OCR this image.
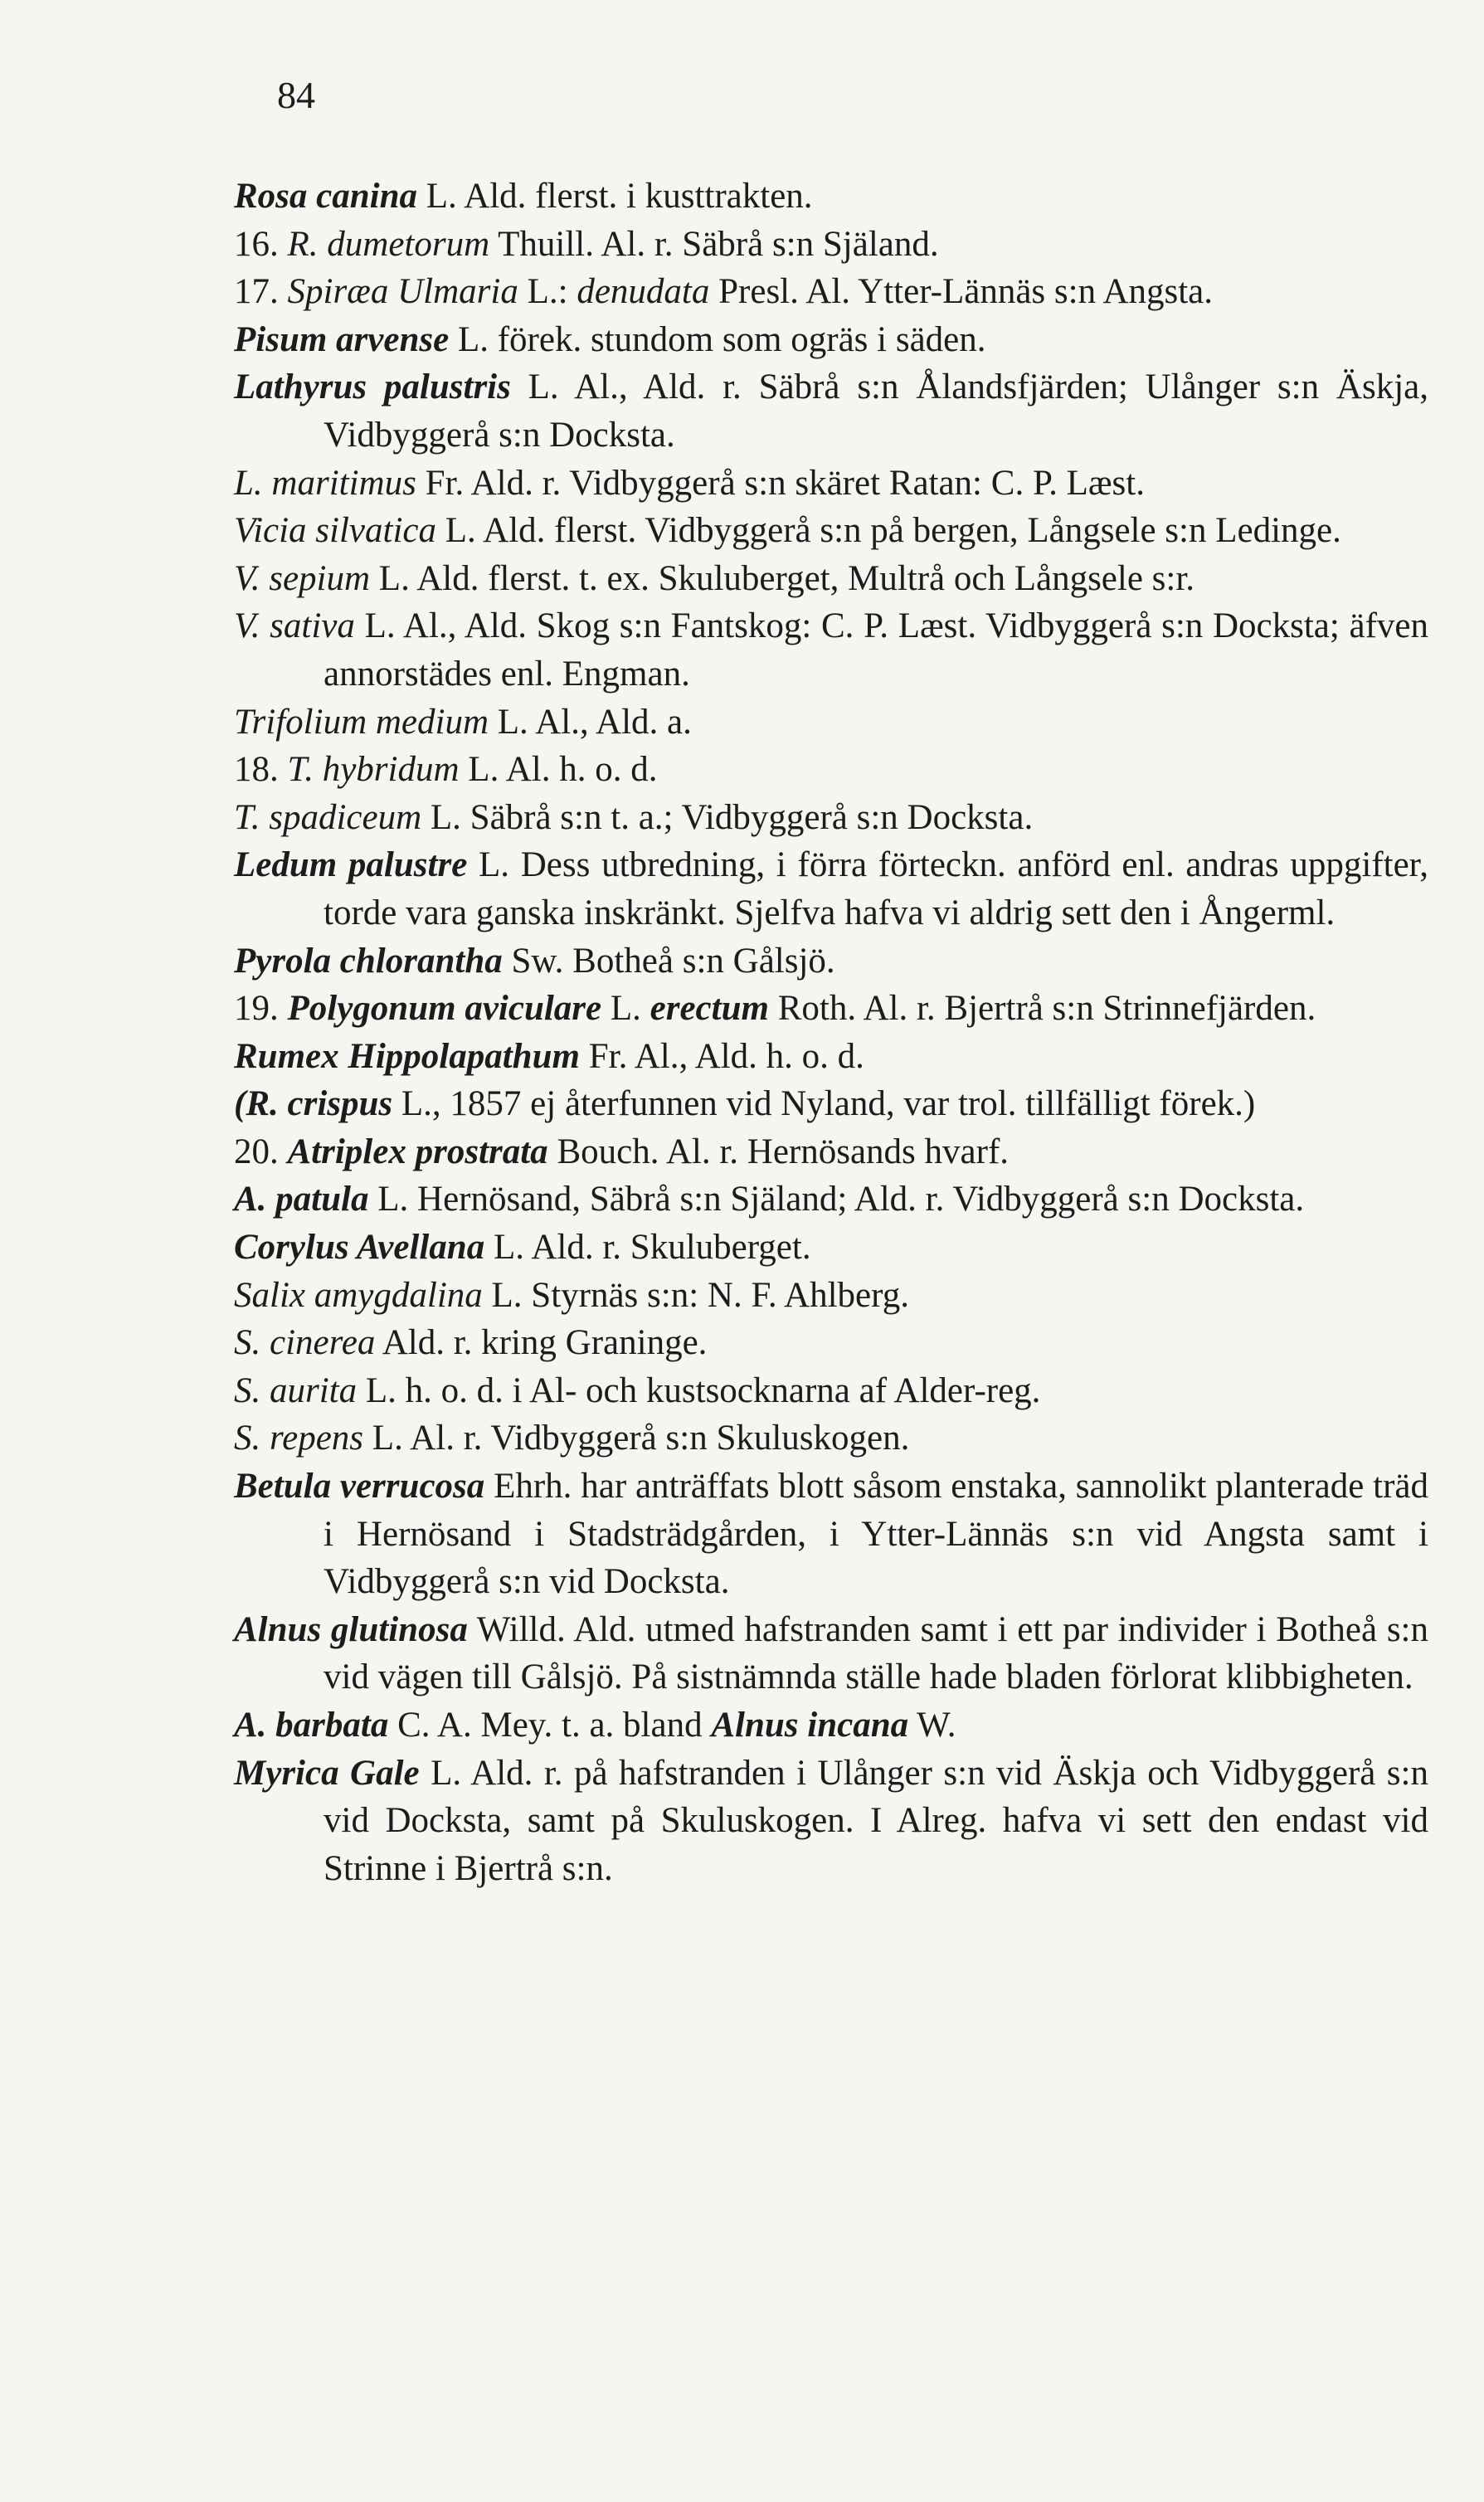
84

Rosa canina L. Ald. flerst. i kusttrakten.

16. R. dumetorum Thuill. Al. r. Säbrå s:n Själand.

17. Spiræa Ulmaria L.: denudata Presl. Al. Ytter-Lännäs s:n Angsta.

Pisum arvense L. förek. stundom som ogräs i säden.

Lathyrus palustris L. Al., Ald. r. Säbrå s:n Ålandsfjärden; Ulånger s:n Äskja, Vidbyggerå s:n Docksta.

L. maritimus Fr. Ald. r. Vidbyggerå s:n skäret Ratan: C. P. Læst.

Vicia silvatica L. Ald. flerst. Vidbyggerå s:n på bergen, Långsele s:n Ledinge.

V. sepium L. Ald. flerst. t. ex. Skuluberget, Multrå och Långsele s:r.

V. sativa L. Al., Ald. Skog s:n Fantskog: C. P. Læst. Vidbyggerå s:n Docksta; äfven annorstädes enl. Engman.

Trifolium medium L. Al., Ald. a.

18. T. hybridum L. Al. h. o. d.

T. spadiceum L. Säbrå s:n t. a.; Vidbyggerå s:n Docksta.

Ledum palustre L. Dess utbredning, i förra förteckn. anförd enl. andras uppgifter, torde vara ganska inskränkt. Sjelfva hafva vi aldrig sett den i Ångerml.

Pyrola chlorantha Sw. Botheå s:n Gålsjö.

19. Polygonum aviculare L. erectum Roth. Al. r. Bjertrå s:n Strinnefjärden.

Rumex Hippolapathum Fr. Al., Ald. h. o. d.

(R. crispus L., 1857 ej återfunnen vid Nyland, var trol. tillfälligt förek.)

20. Atriplex prostrata Bouch. Al. r. Hernösands hvarf.

A. patula L. Hernösand, Säbrå s:n Själand; Ald. r. Vidbyggerå s:n Docksta.

Corylus Avellana L. Ald. r. Skuluberget.

Salix amygdalina L. Styrnäs s:n: N. F. Ahlberg.

S. cinerea Ald. r. kring Graninge.

S. aurita L. h. o. d. i Al- och kustsocknarna af Alder-reg.

S. repens L. Al. r. Vidbyggerå s:n Skuluskogen.

Betula verrucosa Ehrh. har anträffats blott såsom enstaka, sannolikt planterade träd i Hernösand i Stadsträdgården, i Ytter-Lännäs s:n vid Angsta samt i Vidbyggerå s:n vid Docksta.

Alnus glutinosa Willd. Ald. utmed hafstranden samt i ett par individer i Botheå s:n vid vägen till Gålsjö. På sistnämnda ställe hade bladen förlorat klibbigheten.

A. barbata C. A. Mey. t. a. bland Alnus incana W.

Myrica Gale L. Ald. r. på hafstranden i Ulånger s:n vid Äskja och Vidbyggerå s:n vid Docksta, samt på Skuluskogen. I Alreg. hafva vi sett den endast vid Strinne i Bjertrå s:n.
